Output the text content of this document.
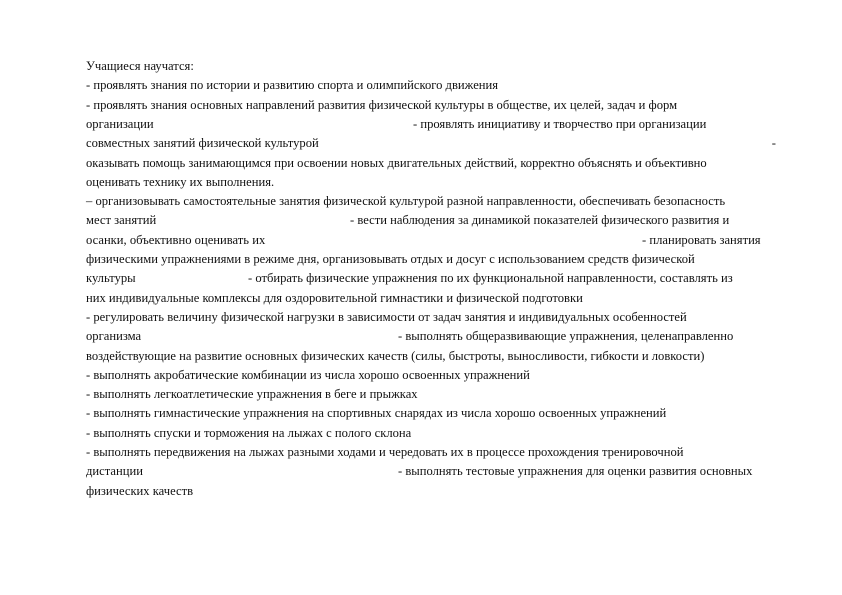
Учащиеся научатся:
- проявлять знания по истории и развитию спорта и олимпийского движения
- проявлять знания основных направлений развития физической культуры в обществе, их целей, задач и форм
организации	- проявлять инициативу и творчество при организации
совместных занятий физической культурой	-
оказывать помощь занимающимся при освоении новых двигательных действий, корректно объяснять и объективно
оценивать технику их выполнения.
– организовывать самостоятельные занятия физической культурой разной направленности, обеспечивать безопасность
мест занятий	- вести наблюдения за динамикой показателей физического развития и
осанки, объективно оценивать их	- планировать занятия
физическими упражнениями в режиме дня, организовывать отдых и досуг с использованием средств физической
культуры	- отбирать физические упражнения по их функциональной направленности, составлять из
них индивидуальные комплексы для оздоровительной гимнастики и физической подготовки
- регулировать величину физической нагрузки в зависимости от задач занятия и индивидуальных особенностей
организма	- выполнять общеразвивающие упражнения, целенаправленно
воздействующие на развитие основных физических качеств (силы, быстроты, выносливости, гибкости и ловкости)
- выполнять акробатические комбинации из числа хорошо освоенных упражнений
- выполнять легкоатлетические упражнения в беге и прыжках
- выполнять гимнастические упражнения на спортивных снарядах из числа хорошо освоенных упражнений
- выполнять спуски и торможения на лыжах с полого склона
- выполнять передвижения на лыжах разными ходами и чередовать их в процессе прохождения тренировочной
дистанции	- выполнять тестовые упражнения для оценки развития основных
физических качеств
